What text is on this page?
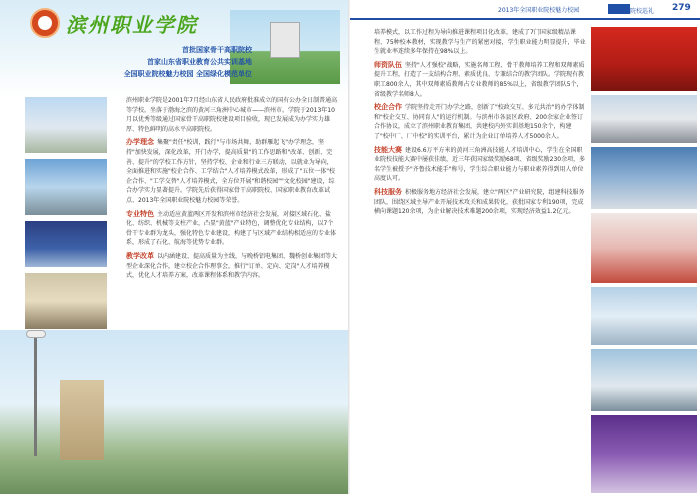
滨州职业学院
首批国家骨干高职院校
首家山东省职业教育公共实训基地
全国职业院校魅力校园 全国绿化模范单位

滨州职业学院是2001年7月经山东省人民政府批准成立的国有公办全日制普通高等学校。坐落于渤海之滨的黄河三角洲中心城市——滨州市。学院于2013年10月以优秀等级通过国家骨干高职院校建设项目验收，现已发展成为办学实力雄厚、特色鲜明的高水平高职院校。

办学理念 集聚"责任"校训，践行"与市场共舞，助群雁起飞"办学理念，坚持"加快发展，深化改革，开门办学，提高质量"的工作思路和"改革、创新、完善、提升"的学校工作方针，坚持学校、企业和行业三方联动，以就业为导向，全面推进和实施"校企合作、工学结合"人才培养模式改革，形成了"五位一体"校企合作、"工学交替"人才培养模式，全方位开展"和谐校园""文化校园"建设，综合办学实力显著提升。学院先后获得国家骨干高职院校、国家职业教育改革试点、2013年全国职业院校魅力校园等荣誉。

专业特色 主动适应黄蓝两区开发和滨州市经济社会发展，对接区域石化、盐化、纺织、机械等支柱产业，凸显"黄蓝"产业特色，调整优化专业结构，以7个骨干专业群为龙头，强化特色专业建设，构建了与区域产业结构相适应的专业体系，形成了石化、航海等优势专业群。

教学改革 以内涵建设、提高质量为主线，与晚桥铝电集团、魏桥创业集团等大型企业深化合作，建立校企合作理事会，推行"订单、定向、定岗"人才培养模式，优化人才培养方案，改革课程体系和教学内容。

2013年全国职业院校魅力校园	院校巡礼 279

培养模式，以工作过程为导向推进课程项目化改革，建成了7门国家级精品课程、75种校本教材，实现教学与生产的紧密对接，学生职业能力明显提升，毕业生就业率连续多年保持在98%以上。

师资队伍 坚持"人才强校"战略，实施名师工程、骨干教师培养工程和双师素质提升工程，打造了一支结构合理、素质优良、专兼结合的教学团队。学院现有教职工800余人，其中双师素质教师占专业教师的85%以上，省级教学团队5个，省级教学名师8人。

校企合作 学院坚持走开门办学之路，创新了"校政交互、多元共治"的办学体制和"校企交互、协同育人"的运行机制。与滨州市各县区政府、200余家企业签订合作协议，成立了滨州职业教育集团，共建校内外实训基地150余个，构建了"校中厂、厂中校"的实训平台，累计为企业订单培养人才5000余人。

技能大赛 建设6.6万平方米的黄河三角洲高技能人才培训中心，学生在全国职业院校技能大赛中屡获佳绩，近三年获国家级奖励68项、省级奖励230余项，多名学生被授予"齐鲁技术能手"称号，学生综合职业能力与职业素养得到用人单位高度认可。

科技服务 积极服务地方经济社会发展，建立"两区"产业研究院，组建科技服务团队，围绕区域主导产业开展技术攻关和成果转化，获批国家专利190项，完成横向课题120余项，为企业解决技术难题200余项，实现经济效益1.2亿元。
